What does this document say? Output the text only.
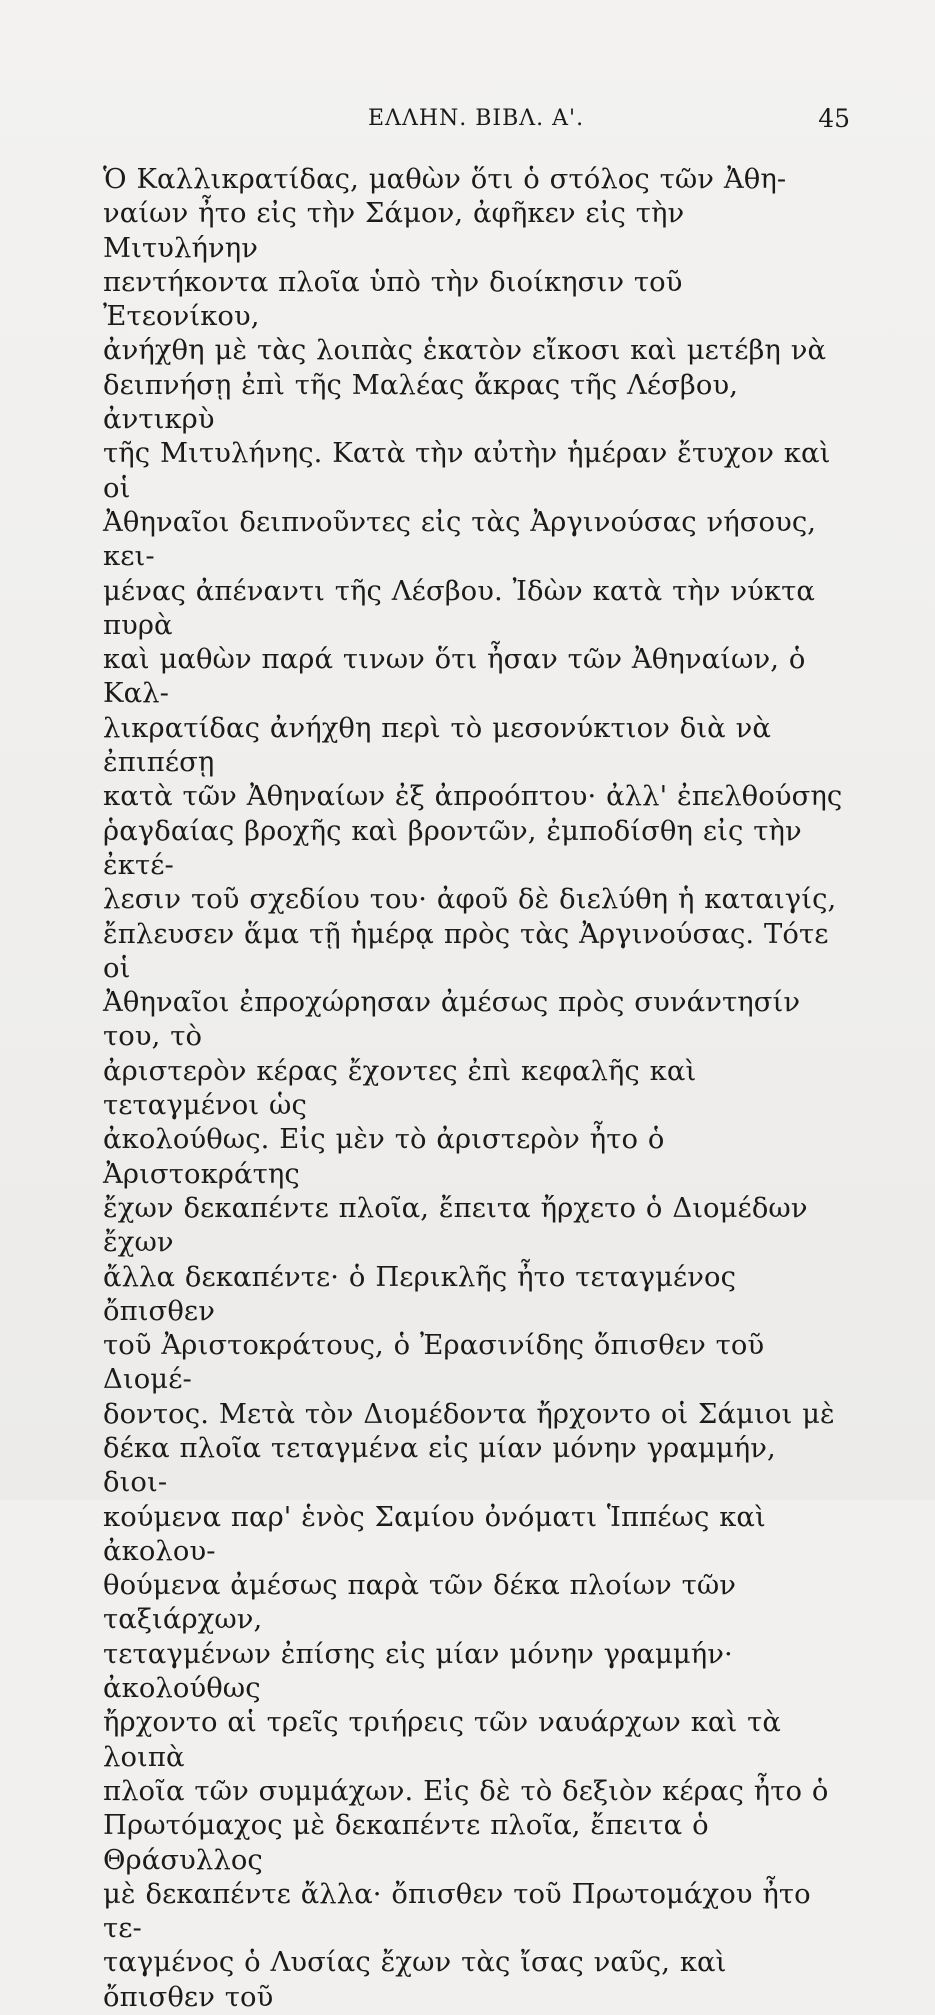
ΕΛΛΗΝ. ΒΙΒΛ. Α'.	45

Ὁ Καλλικρατίδας, μαθὼν ὅτι ὁ στόλος τῶν Ἀθη-
ναίων ἦτο εἰς τὴν Σάμον, ἀφῆκεν εἰς τὴν Μιτυλήνην
πεντήκοντα πλοῖα ὑπὸ τὴν διοίκησιν τοῦ Ἐτεονίκου,
ἀνήχθη μὲ τὰς λοιπὰς ἑκατὸν εἴκοσι καὶ μετέβη νὰ
δειπνήσῃ ἐπὶ τῆς Μαλέας ἄκρας τῆς Λέσβου, ἀντικρὺ
τῆς Μιτυλήνης. Κατὰ τὴν αὐτὴν ἡμέραν ἔτυχον καὶ οἱ
Ἀθηναῖοι δειπνοῦντες εἰς τὰς Ἀργινούσας νήσους, κει-
μένας ἀπέναντι τῆς Λέσβου. Ἰδὼν κατὰ τὴν νύκτα πυρὰ
καὶ μαθὼν παρά τινων ὅτι ἦσαν τῶν Ἀθηναίων, ὁ Καλ-
λικρατίδας ἀνήχθη περὶ τὸ μεσονύκτιον διὰ νὰ ἐπιπέσῃ
κατὰ τῶν Ἀθηναίων ἐξ ἀπροόπτου· ἀλλ' ἐπελθούσης
ῥαγδαίας βροχῆς καὶ βροντῶν, ἐμποδίσθη εἰς τὴν ἐκτέ-
λεσιν τοῦ σχεδίου του· ἀφοῦ δὲ διελύθη ἡ καταιγίς,
ἔπλευσεν ἅμα τῇ ἡμέρᾳ πρὸς τὰς Ἀργινούσας. Τότε οἱ
Ἀθηναῖοι ἐπροχώρησαν ἀμέσως πρὸς συνάντησίν του, τὸ
ἀριστερὸν κέρας ἔχοντες ἐπὶ κεφαλῆς καὶ τεταγμένοι ὡς
ἀκολούθως. Εἰς μὲν τὸ ἀριστερὸν ἦτο ὁ Ἀριστοκράτης
ἔχων δεκαπέντε πλοῖα, ἔπειτα ἤρχετο ὁ Διομέδων ἔχων
ἄλλα δεκαπέντε· ὁ Περικλῆς ἦτο τεταγμένος ὄπισθεν
τοῦ Ἀριστοκράτους, ὁ Ἐρασινίδης ὄπισθεν τοῦ Διομέ-
δοντος. Μετὰ τὸν Διομέδοντα ἤρχοντο οἱ Σάμιοι μὲ
δέκα πλοῖα τεταγμένα εἰς μίαν μόνην γραμμήν, διοι-
κούμενα παρ' ἑνὸς Σαμίου ὀνόματι Ἱππέως καὶ ἀκολου-
θούμενα ἀμέσως παρὰ τῶν δέκα πλοίων τῶν ταξιάρχων,
τεταγμένων ἐπίσης εἰς μίαν μόνην γραμμήν· ἀκολούθως
ἤρχοντο αἱ τρεῖς τριήρεις τῶν ναυάρχων καὶ τὰ λοιπὰ
πλοῖα τῶν συμμάχων. Εἰς δὲ τὸ δεξιὸν κέρας ἦτο ὁ
Πρωτόμαχος μὲ δεκαπέντε πλοῖα, ἔπειτα ὁ Θράσυλλος
μὲ δεκαπέντε ἄλλα· ὄπισθεν τοῦ Πρωτομάχου ἦτο τε-
ταγμένος ὁ Λυσίας ἔχων τὰς ἴσας ναῦς, καὶ ὄπισθεν τοῦ
